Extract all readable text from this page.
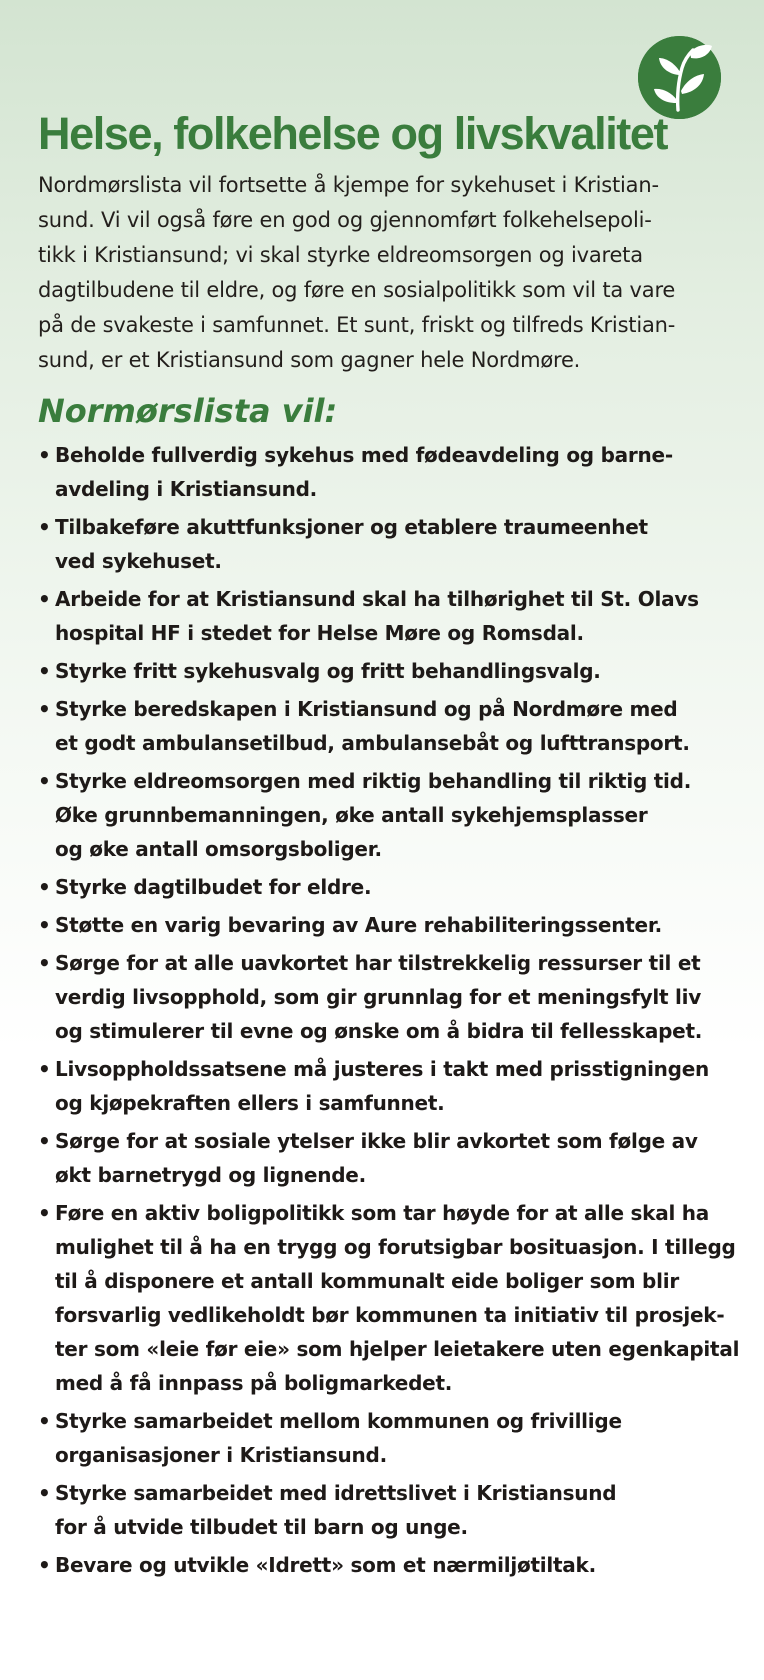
Helse, folkehelse og livskvalitet

Nordmørslista vil fortsette å kjempe for sykehuset i Kristian-
sund. Vi vil også føre en god og gjennomført folkehelsepoli-
tikk i Kristiansund; vi skal styrke eldreomsorgen og ivareta
dagtilbudene til eldre, og føre en sosialpolitikk som vil ta vare
på de svakeste i samfunnet. Et sunt, friskt og tilfreds Kristian-
sund, er et Kristiansund som gagner hele Nordmøre.

Normørslista vil:
• Beholde fullverdig sykehus med fødeavdeling og barne-
avdeling i Kristiansund.
• Tilbakeføre akuttfunksjoner og etablere traumeenhet
ved sykehuset.
• Arbeide for at Kristiansund skal ha tilhørighet til St. Olavs
hospital HF i stedet for Helse Møre og Romsdal.
• Styrke fritt sykehusvalg og fritt behandlingsvalg.
• Styrke beredskapen i Kristiansund og på Nordmøre med
et godt ambulansetilbud, ambulansebåt og lufttransport.
• Styrke eldreomsorgen med riktig behandling til riktig tid.
Øke grunnbemanningen, øke antall sykehjemsplasser
og øke antall omsorgsboliger.
• Styrke dagtilbudet for eldre.
• Støtte en varig bevaring av Aure rehabiliteringssenter.
• Sørge for at alle uavkortet har tilstrekkelig ressurser til et
verdig livsopphold, som gir grunnlag for et meningsfylt liv
og stimulerer til evne og ønske om å bidra til fellesskapet.
• Livsoppholdssatsene må justeres i takt med prisstigningen
og kjøpekraften ellers i samfunnet.
• Sørge for at sosiale ytelser ikke blir avkortet som følge av
økt barnetrygd og lignende.
• Føre en aktiv boligpolitikk som tar høyde for at alle skal ha
mulighet til å ha en trygg og forutsigbar bosituasjon. I tillegg
til å disponere et antall kommunalt eide boliger som blir
forsvarlig vedlikeholdt bør kommunen ta initiativ til prosjek-
ter som «leie før eie» som hjelper leietakere uten egenkapital
med å få innpass på boligmarkedet.
• Styrke samarbeidet mellom kommunen og frivillige
organisasjoner i Kristiansund.
• Styrke samarbeidet med idrettslivet i Kristiansund
for å utvide tilbudet til barn og unge.
• Bevare og utvikle «Idrett» som et nærmiljøtiltak.
